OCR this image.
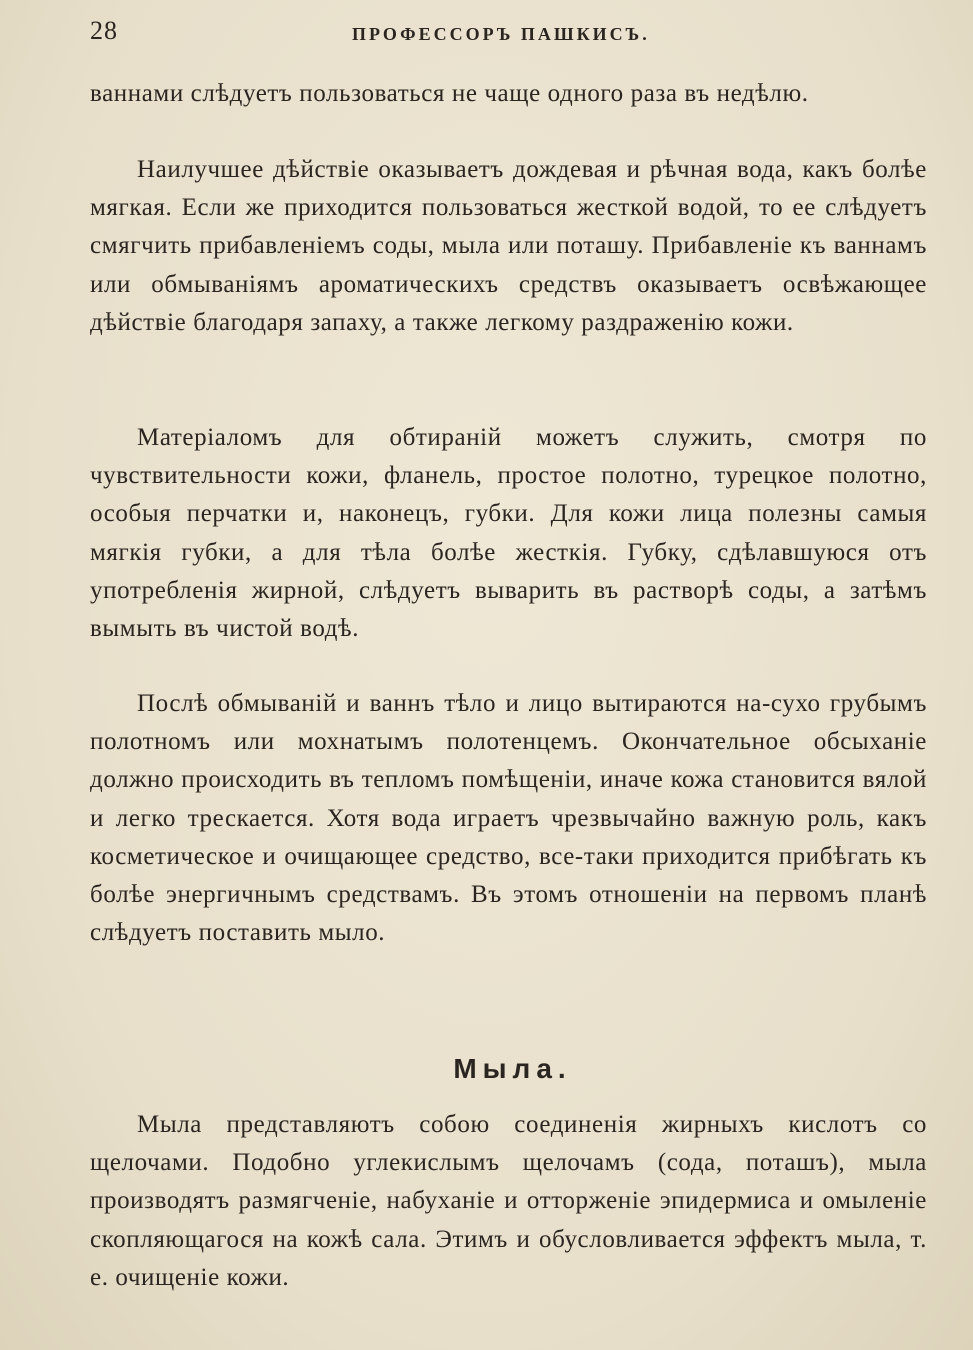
28	ПРОФЕССОРЪ ПАШКИСЪ.

ваннами слѣдуетъ пользоваться не чаще одного раза въ недѣлю.

Наилучшее дѣйствіе оказываетъ дождевая и рѣчная вода, какъ болѣе мягкая. Если же приходится пользоваться жесткой водой, то ее слѣдуетъ смягчить прибавленіемъ соды, мыла или поташу. Прибавленіе къ ваннамъ или обмываніямъ ароматическихъ средствъ оказываетъ освѣжающее дѣйствіе благодаря запаху, а также легкому раздраженію кожи.

Матеріаломъ для обтираній можетъ служить, смотря по чувствительности кожи, фланель, простое полотно, турецкое полотно, особыя перчатки и, наконецъ, губки. Для кожи лица полезны самыя мягкія губки, а для тѣла болѣе жесткія. Губку, сдѣлавшуюся отъ употребленія жирной, слѣдуетъ выварить въ растворѣ соды, а затѣмъ вымыть въ чистой водѣ.

Послѣ обмываній и ваннъ тѣло и лицо вытираются на-сухо грубымъ полотномъ или мохнатымъ полотенцемъ. Окончательное обсыханіе должно происходить въ тепломъ помѣщеніи, иначе кожа становится вялой и легко трескается. Хотя вода играетъ чрезвычайно важную роль, какъ косметическое и очищающее средство, все-таки приходится прибѣгать къ болѣе энергичнымъ средствамъ. Въ этомъ отношеніи на первомъ планѣ слѣдуетъ поставить мыло.

Мыла.

Мыла представляютъ собою соединенія жирныхъ кислотъ со щелочами. Подобно углекислымъ щелочамъ (сода, поташъ), мыла производятъ размягченіе, набуханіе и отторженіе эпидермиса и омыленіе скопляющагося на кожѣ сала. Этимъ и обусловливается эффектъ мыла, т. е. очищеніе кожи.
